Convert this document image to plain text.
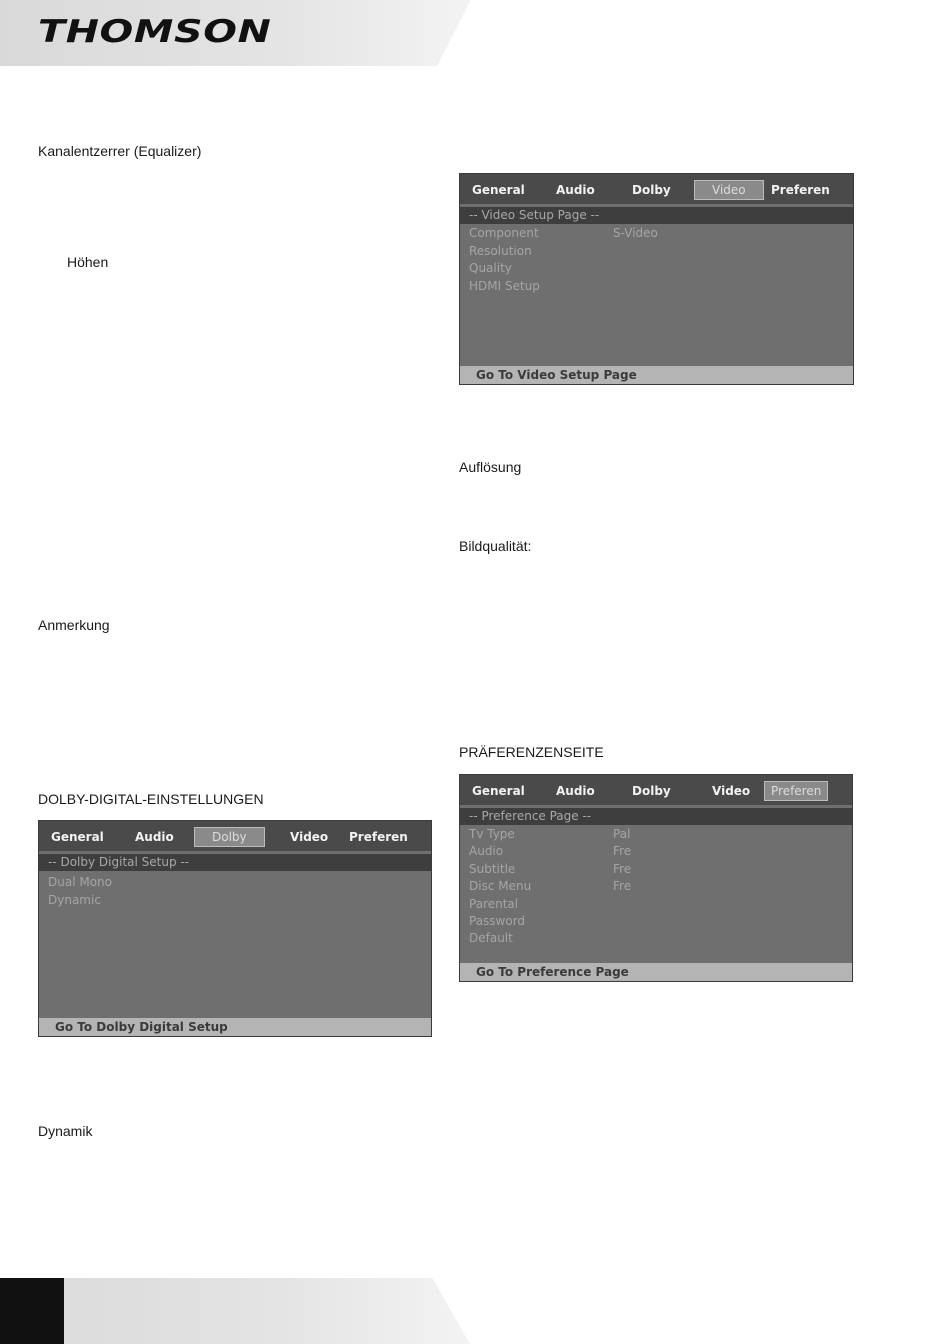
THOMSON
Kanalentzerrer (Equalizer)
Höhen
Anmerkung
DOLBY-DIGITAL-EINSTELLUNGEN
Dynamik
Auflösung
Bildqualität:
PRÄFERENZENSEITE
General	Audio	Dolby	Video	Preferen
-- Video Setup Page --
Component	S-Video
Resolution
Quality
HDMI Setup
Go To Video Setup Page
General	Audio	Dolby	Video Preferen
-- Dolby Digital Setup --
Dual Mono
Dynamic
Go To Dolby Digital Setup
General	Audio	Dolby	Video	Preferen
-- Preference Page --
Tv Type	Pal
Audio	Fre
Subtitle	Fre
Disc Menu	Fre
Parental
Password
Default
Go To Preference Page
